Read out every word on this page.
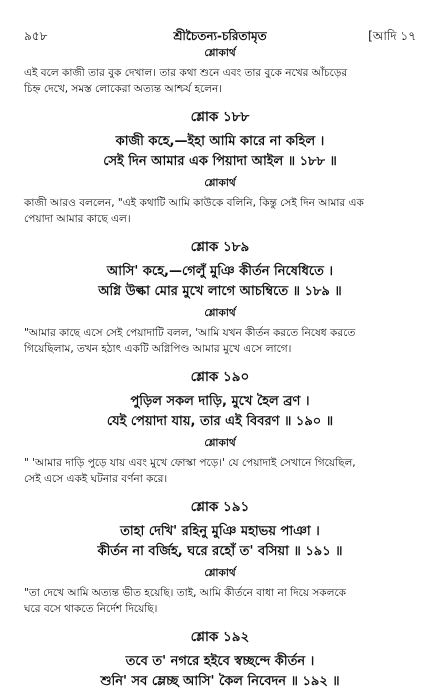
৯৫৮	শ্রীচৈতন্য-চরিতামৃত	[আদি ১৭
শ্লোকার্থ
এই বলে কাজী তার বুক দেখাল। তার কথা শুনে এবং তার বুকে নখের আঁচড়ের
চিহ্ন দেখে, সমস্ত লোকেরা অত্যন্ত আশ্চর্য হলেন।
শ্লোক ১৮৮
কাজী কহে,—ইহা আমি কারে না কহিল ।
সেই দিন আমার এক পিয়াদা আইল ॥ ১৮৮ ॥
শ্লোকার্থ
কাজী আরও বললেন, "এই কথাটি আমি কাউকে বলিনি, কিন্তু সেই দিন আমার এক
পেয়াদা আমার কাছে এল।
শ্লোক ১৮৯
আসি' কহে,—গেলুঁ মুঞি কীর্তন নিষেধিতে ।
অগ্নি উল্কা মোর মুখে লাগে আচম্বিতে ॥ ১৮৯ ॥
শ্লোকার্থ
"আমার কাছে এসে সেই পেয়াদাটি বলল, 'আমি যখন কীর্তন করতে নিষেধ করতে
গিয়েছিলাম, তখন হঠাৎ একটি অগ্নিপিণ্ড আমার মুখে এসে লাগে।
শ্লোক ১৯০
পুড়িল সকল দাড়ি, মুখে হৈল ব্রণ ।
যেই পেয়াদা যায়, তার এই বিবরণ ॥ ১৯০ ॥
শ্লোকার্থ
" 'আমার দাড়ি পুড়ে যায় এবং মুখে ফোস্কা পড়ে।' যে পেয়াদাই সেখানে গিয়েছিল,
সেই এসে একই ঘটনার বর্ণনা করে।
শ্লোক ১৯১
তাহা দেখি' রহিনু মুঞি মহাভয় পাঞা ।
কীর্তন না বর্জিহ, ঘরে রহোঁ ত' বসিয়া ॥ ১৯১ ॥
শ্লোকার্থ
"তা দেখে আমি অত্যন্ত ভীত হয়েছি। তাই, আমি কীর্তনে বাধা না দিয়ে সকলকে
ঘরে বসে থাকতে নির্দেশ দিয়েছি।
শ্লোক ১৯২
তবে ত' নগরে হইবে স্বচ্ছন্দে কীর্তন ।
শুনি' সব ম্লেচ্ছ আসি' কৈল নিবেদন ॥ ১৯২ ॥
